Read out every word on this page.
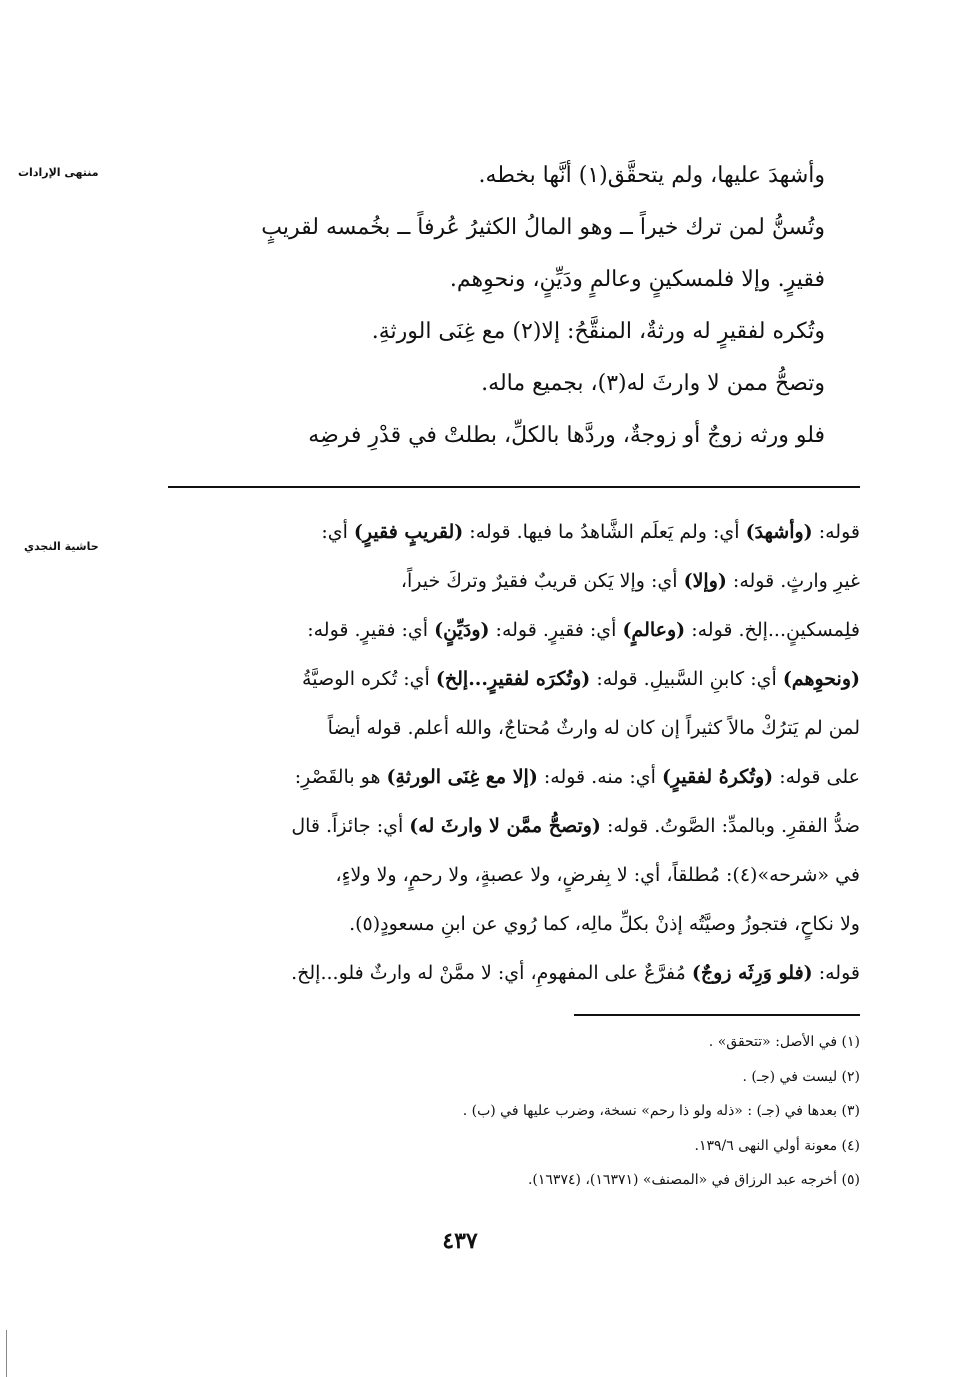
منتهى الإرادات
حاشية النجدي

وأشهدَ عليها، ولم يتحقَّق(١) أنَّها بخطه.

وتُسنُّ لمن ترك خيراً ــ وهو المالُ الكثيرُ عُرفاً ــ بخُمسه لقريبٍ

فقيرٍ. وإلا فلمسكينٍ وعالمٍ ودَيِّنٍ، ونحوِهم.

وتُكره لفقيرٍ له ورثةٌ، المنقَّحُ: إلا(٢) مع غِنَى الورثةِ.

وتصحُّ ممن لا وارثَ له(٣)، بجميع ماله.

فلو ورثه زوجٌ أو زوجةٌ، وردَّها بالكلِّ، بطلتْ في قدْرِ فرضِه

قوله: (وأشهدَ) أي: ولم يَعلَم الشَّاهدُ ما فيها. قوله: (لقريبٍ فقيرٍ) أي:

غيرِ وارثٍ. قوله: (وإلا) أي: وإلا يَكن قريبٌ فقيرٌ وتركَ خيراً،

فلِمسكينٍ...إلخ. قوله: (وعالمٍ) أي: فقيرٍ. قوله: (ودَيِّنٍ) أي: فقيرٍ. قوله:

(ونحوِهم) أي: كابنِ السَّبيلِ. قوله: (وتُكرَه لفقيرٍ...إلخ) أي: تُكره الوصيَّةُ

لمن لم يَترُكْ مالاً كثيراً إن كان له وارثٌ مُحتاجٌ، والله أعلم. قوله أيضاً

على قوله: (وتُكرهُ لفقيرٍ) أي: منه. قوله: (إلا مع غِنَى الورثةِ) هو بالقَصْرِ:

ضدُّ الفقرِ. وبالمدِّ: الصَّوتُ. قوله: (وتصحُّ ممَّن لا وارثَ له) أي: جائزاً. قال

في «شرحه»(٤): مُطلقاً، أي: لا بِفرضٍ، ولا عصبةٍ، ولا رحمٍ، ولا ولاءٍ،

ولا نكاحٍ، فتجوزُ وصيَّتُه إذنْ بكلِّ مالِه، كما رُوي عن ابنِ مسعودٍ(٥).

قوله: (فلو وَرِثَه زوجٌ) مُفرَّعٌ على المفهومِ، أي: لا ممَّنْ له وارثٌ فلو...إلخ.

(١) في الأصل: «تتحقق» .

(٢) ليست في (جـ) .

(٣) بعدها في (جـ) : «ذله ولو ذا رحم» نسخة، وضرب عليها في (ب) .

(٤) معونة أولي النهى ١٣٩/٦.

(٥) أخرجه عبد الرزاق في «المصنف» (١٦٣٧١)، (١٦٣٧٤).

٤٣٧
